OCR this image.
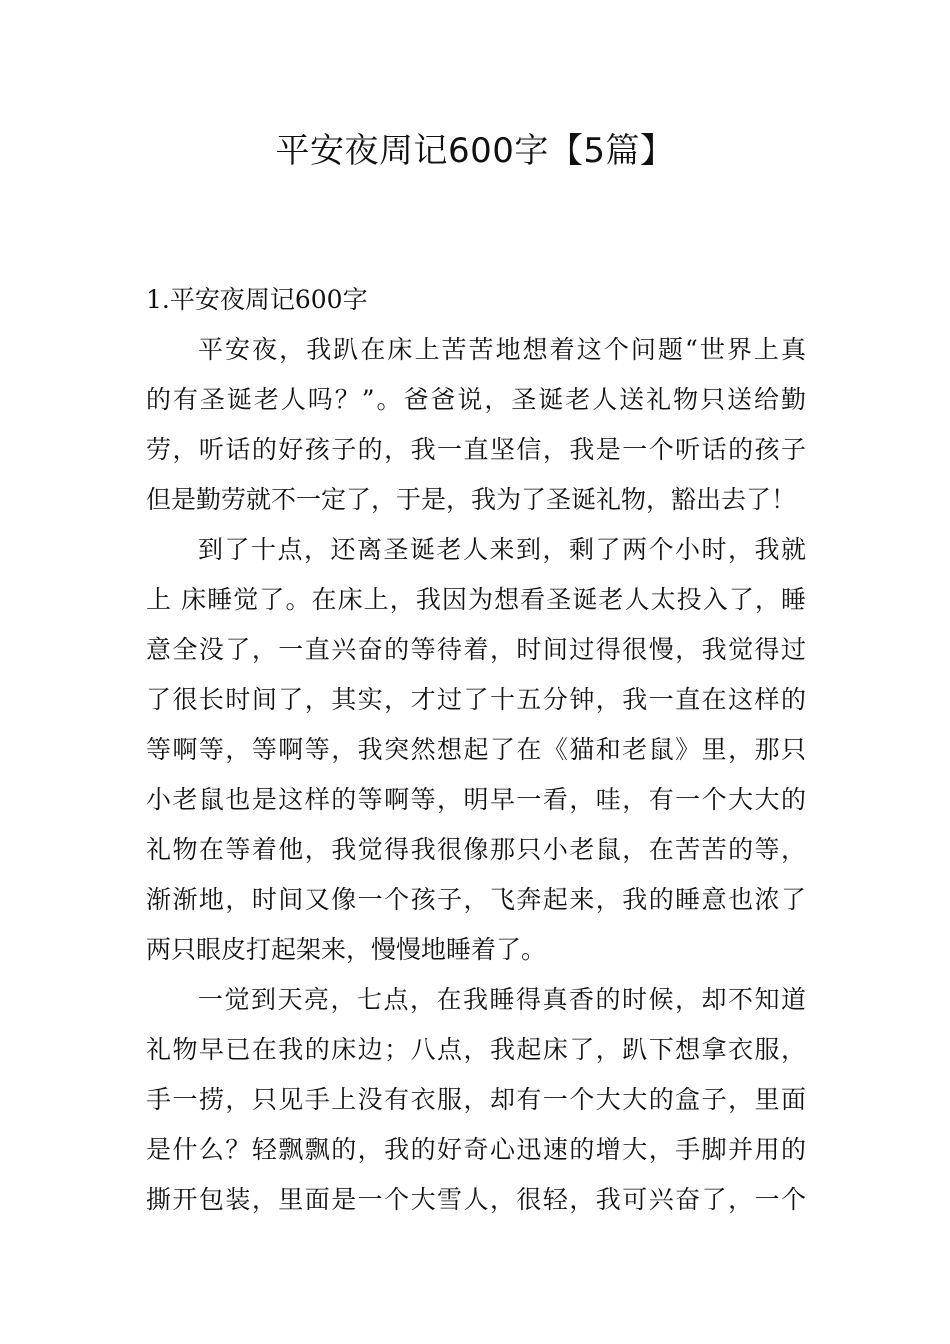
平安夜周记600字【5篇】
1.平安夜周记600字

平安夜，我趴在床上苦苦地想着这个问题“世界上真

的有圣诞老人吗？”。爸爸说，圣诞老人送礼物只送给勤

劳，听话的好孩子的，我一直坚信，我是一个听话的孩子

但是勤劳就不一定了，于是，我为了圣诞礼物，豁出去了！

到了十点，还离圣诞老人来到，剩了两个小时，我就

上 床睡觉了。在床上，我因为想看圣诞老人太投入了，睡

意全没了，一直兴奋的等待着，时间过得很慢，我觉得过

了很长时间了，其实，才过了十五分钟，我一直在这样的

等啊等，等啊等，我突然想起了在《猫和老鼠》里，那只

小老鼠也是这样的等啊等，明早一看，哇，有一个大大的

礼物在等着他，我觉得我很像那只小老鼠，在苦苦的等，

渐渐地，时间又像一个孩子，飞奔起来，我的睡意也浓了

两只眼皮打起架来，慢慢地睡着了。

一觉到天亮，七点，在我睡得真香的时候，却不知道

礼物早已在我的床边；八点，我起床了，趴下想拿衣服，

手一捞，只见手上没有衣服，却有一个大大的盒子，里面

是什么？轻飘飘的，我的好奇心迅速的增大，手脚并用的

撕开包装，里面是一个大雪人，很轻，我可兴奋了，一个
